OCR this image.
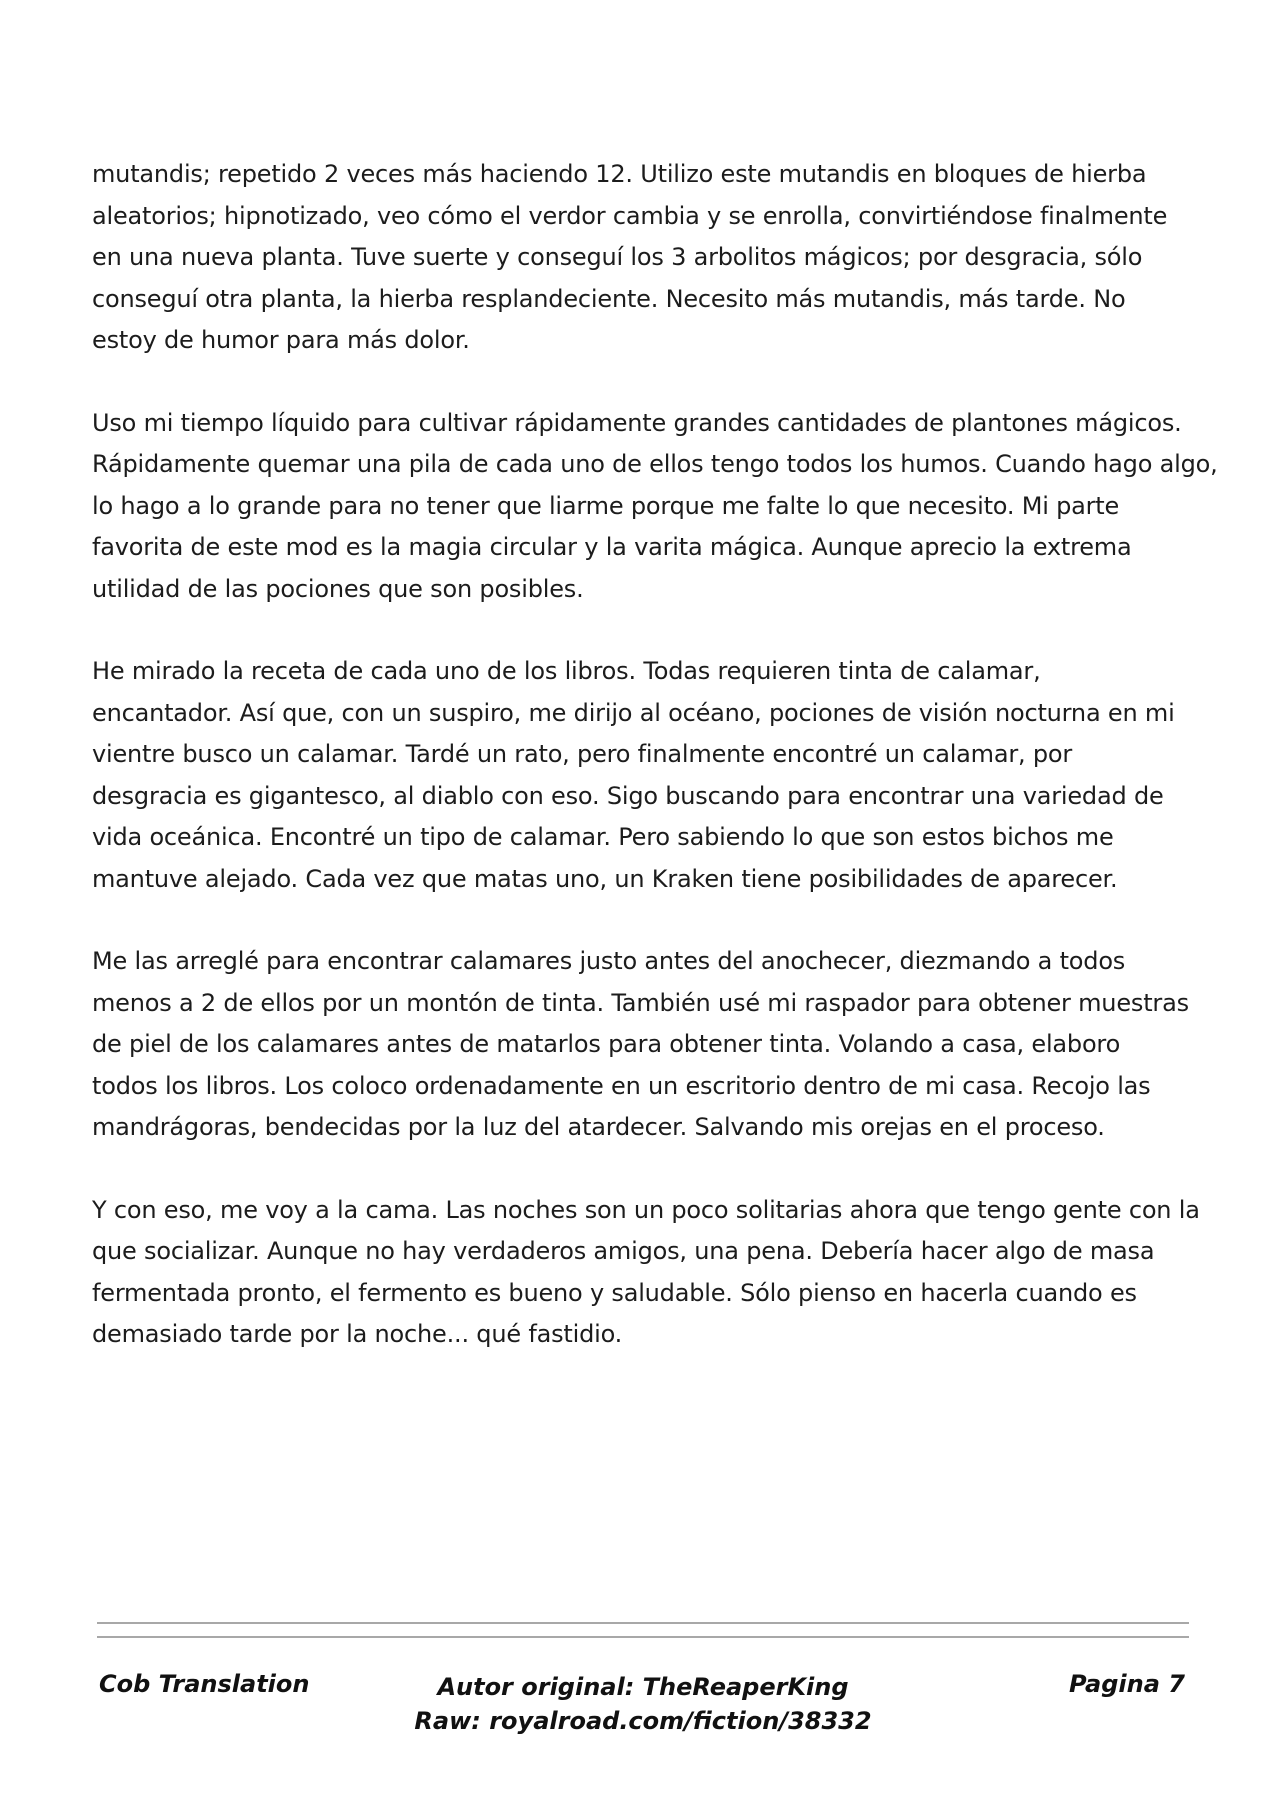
mutandis; repetido 2 veces más haciendo 12. Utilizo este mutandis en bloques de hierba
aleatorios; hipnotizado, veo cómo el verdor cambia y se enrolla, convirtiéndose finalmente
en una nueva planta. Tuve suerte y conseguí los 3 arbolitos mágicos; por desgracia, sólo
conseguí otra planta, la hierba resplandeciente. Necesito más mutandis, más tarde. No
estoy de humor para más dolor.

Uso mi tiempo líquido para cultivar rápidamente grandes cantidades de plantones mágicos.
Rápidamente quemar una pila de cada uno de ellos tengo todos los humos. Cuando hago algo,
lo hago a lo grande para no tener que liarme porque me falte lo que necesito. Mi parte
favorita de este mod es la magia circular y la varita mágica. Aunque aprecio la extrema
utilidad de las pociones que son posibles.

He mirado la receta de cada uno de los libros. Todas requieren tinta de calamar,
encantador. Así que, con un suspiro, me dirijo al océano, pociones de visión nocturna en mi
vientre busco un calamar. Tardé un rato, pero finalmente encontré un calamar, por
desgracia es gigantesco, al diablo con eso. Sigo buscando para encontrar una variedad de
vida oceánica. Encontré un tipo de calamar. Pero sabiendo lo que son estos bichos me
mantuve alejado. Cada vez que matas uno, un Kraken tiene posibilidades de aparecer.

Me las arreglé para encontrar calamares justo antes del anochecer, diezmando a todos
menos a 2 de ellos por un montón de tinta. También usé mi raspador para obtener muestras
de piel de los calamares antes de matarlos para obtener tinta. Volando a casa, elaboro
todos los libros. Los coloco ordenadamente en un escritorio dentro de mi casa. Recojo las
mandrágoras, bendecidas por la luz del atardecer. Salvando mis orejas en el proceso.

Y con eso, me voy a la cama. Las noches son un poco solitarias ahora que tengo gente con la
que socializar. Aunque no hay verdaderos amigos, una pena. Debería hacer algo de masa
fermentada pronto, el fermento es bueno y saludable. Sólo pienso en hacerla cuando es
demasiado tarde por la noche... qué fastidio.

Cob Translation	Autor original: TheReaperKing
Raw: royalroad.com/fiction/38332
Pagina 7
